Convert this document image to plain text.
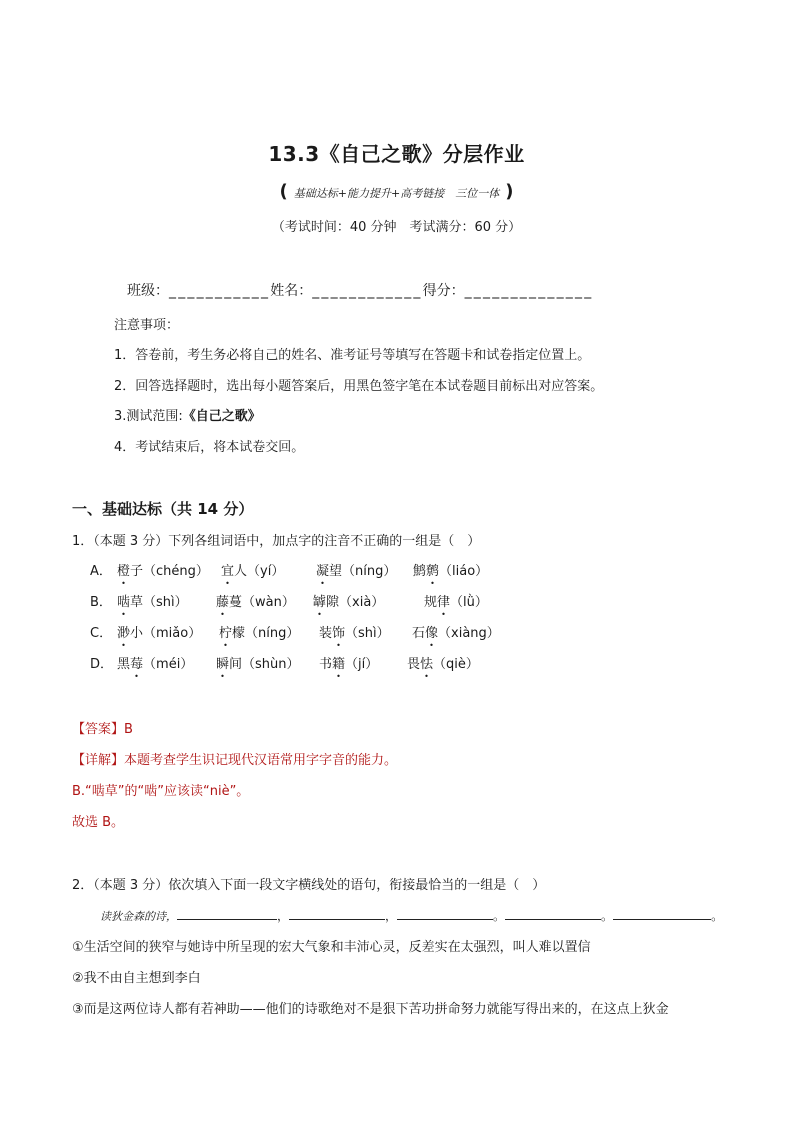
13.3《自己之歌》分层作业
( 基础达标+能力提升+高考链接　三位一体 )
（考试时间：40 分钟　考试满分：60 分）
班级：___________姓名：____________得分：______________
注意事项：
1．答卷前，考生务必将自己的姓名、准考证号等填写在答题卡和试卷指定位置上。
2．回答选择题时，选出每小题答案后，用黑色签字笔在本试卷题目前标出对应答案。
3.测试范围:《自己之歌》
4．考试结束后，将本试卷交回。
一、基础达标（共 14 分）
1．（本题 3 分）下列各组词语中，加点字的注音不正确的一组是（　）
A． 橙子（chéng） 宜人（yí） 凝望（níng） 鹪鹩（liáo）
B． 啮草（shì） 藤蔓（wàn） 罅隙（xià）	规律（lǜ）
C． 渺小（miǎo） 柠檬（níng） 装饰（shì） 石像（xiàng）
D． 黑莓（méi） 瞬间（shùn） 书籍（jí） 畏怯（qiè）
【答案】B
【详解】本题考查学生识记现代汉语常用字字音的能力。
B.“啮草”的“啮”应该读“niè”。
故选 B。
2．（本题 3 分）依次填入下面一段文字横线处的语句，衔接最恰当的一组是（　）
读狄金森的诗，	，	，	。	。	。
①生活空间的狭窄与她诗中所呈现的宏大气象和丰沛心灵，反差实在太强烈，叫人难以置信
②我不由自主想到李白
③而是这两位诗人都有若神助——他们的诗歌绝对不是狠下苦功拼命努力就能写得出来的，在这点上狄金
